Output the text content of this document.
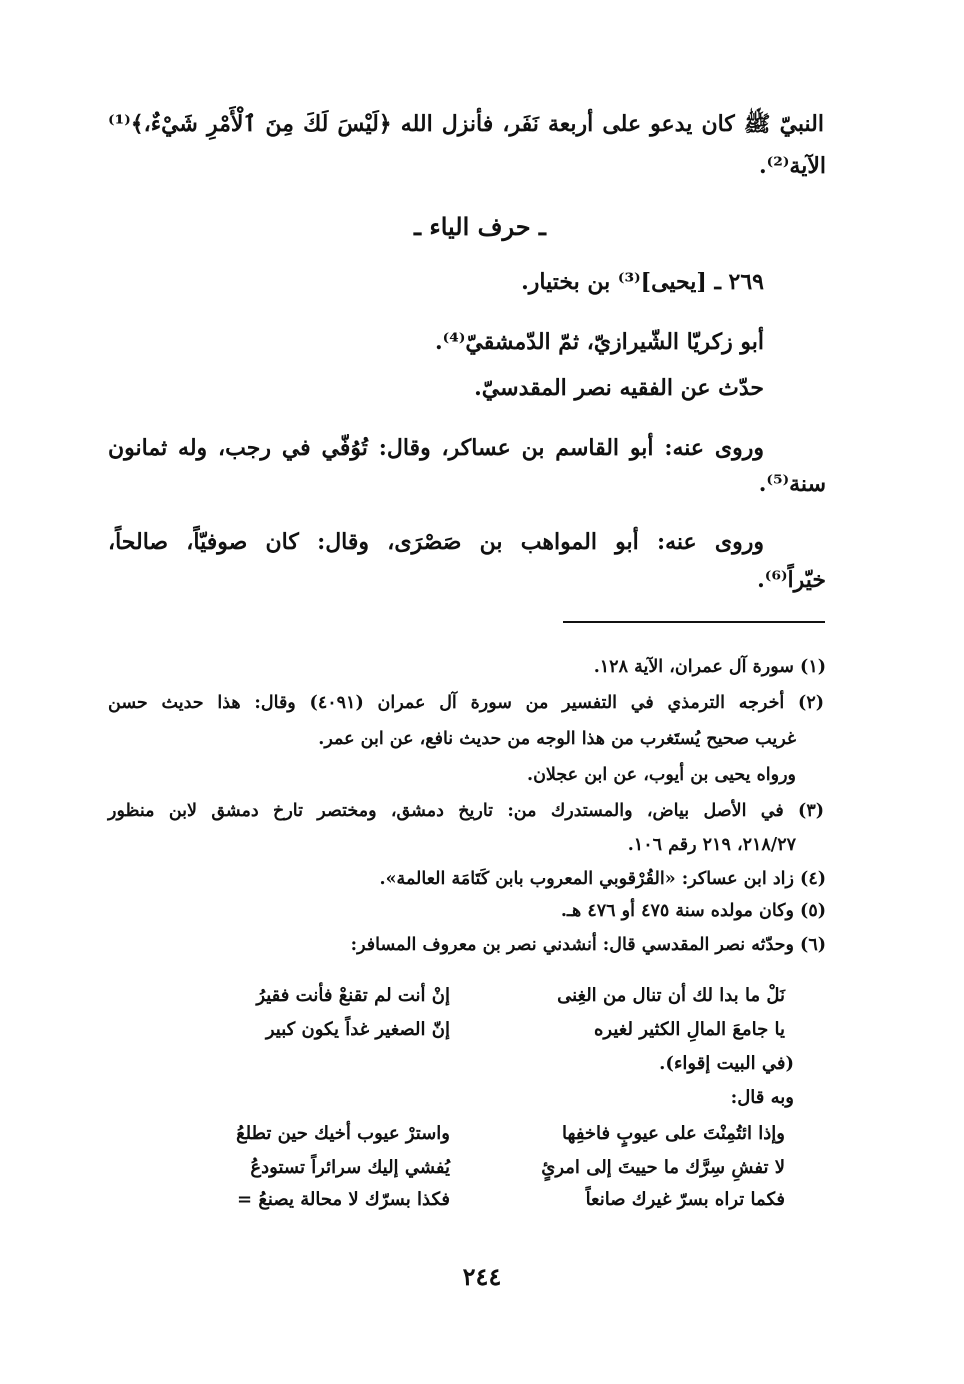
النبيّ ﷺ كان يدعو على أربعة نَفَر، فأنزل الله ﴿لَيْسَ لَكَ مِنَ ٱلْأَمْرِ شَيْءٌ،﴾⁽¹⁾
الآية⁽²⁾.
ـ حرف الياء ـ
٢٦٩ ـ [يحيى]⁽³⁾ بن بختيار.
أبو زكريّا الشّيرازيّ، ثمّ الدّمشقيّ⁽⁴⁾.
حدّث عن الفقيه نصر المقدسيّ.
وروى عنه: أبو القاسم بن عساكر، وقال: تُوُفّي في رجب، وله ثمانون
سنة⁽⁵⁾.
وروى عنه: أبو المواهب بن صَصْرَى، وقال: كان صوفيّاً، صالحاً،
خيّراً⁽⁶⁾.
(١) سورة آل عمران، الآية ١٢٨.
(٢) أخرجه الترمذي في التفسير من سورة آل عمران (٤٠٩١) وقال: هذا حديث حسن
غريب صحيح يُستَغرب من هذا الوجه من حديث نافع، عن ابن عمر.
ورواه يحيى بن أيوب، عن ابن عجلان.
(٣) في الأصل بياض، والمستدرك من: تاريخ دمشق، ومختصر تارخ دمشق لابن منظور
٢١٨/٢٧، ٢١٩ رقم ١٠٦.
(٤) زاد ابن عساكر: «القُرْقوبي المعروب بابن كَتَامَة العالمة».
(٥) وكان مولده سنة ٤٧٥ أو ٤٧٦ هـ.
(٦) وحدّثه نصر المقدسي قال: أنشدني نصر بن معروف المسافر:
نَلْ ما بدا لك أن تنال من الغِنى
إنْ أنت لم تقنعْ فأنت فقيرُ
يا جامعَ المالِ الكثير لغيره
إنّ الصغير غداً يكون كبير
(في البيت إقواء).
وبه قال:
وإذا ائتُمِنْتَ على عيوبٍ فاخفِها
واسترْ عيوب أخيك حين تطلعُ
لا تفشِ سِرَّك ما حييتَ إلى امرئٍ
يُفشي إليك سرائراً تستودعُ
فكما تراه بسرّ غيرك صانعاً
فكذا بسرّك لا محالة يصنعُ =
٢٤٤
